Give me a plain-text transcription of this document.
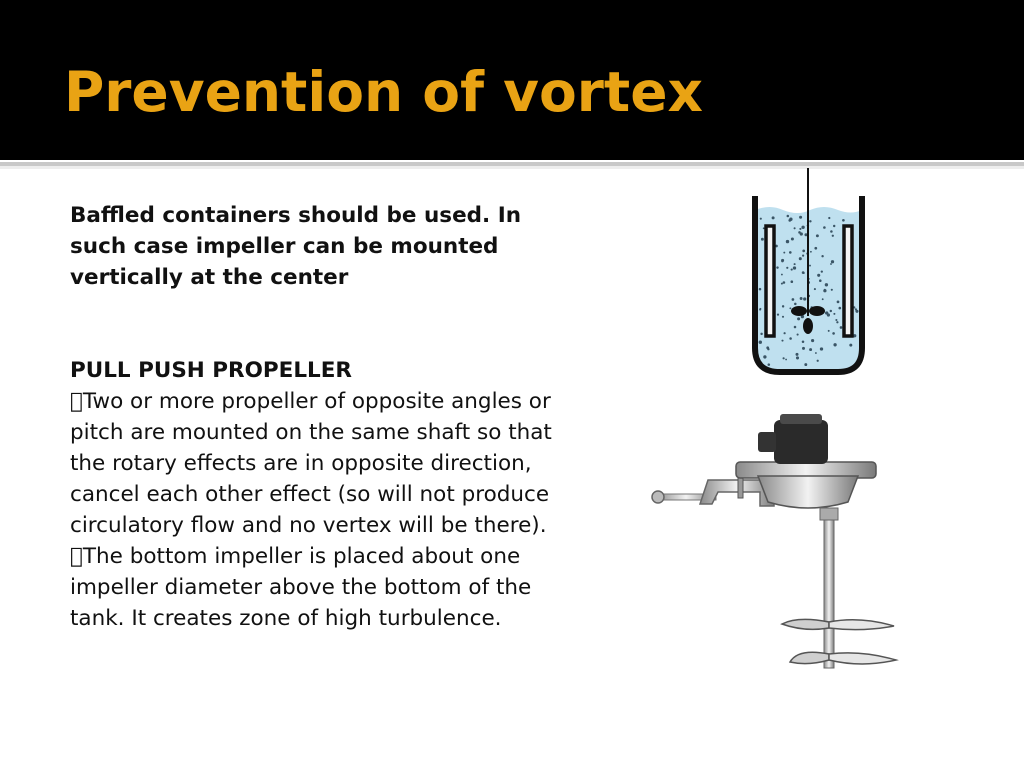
Prevention of vortex

Baffled containers should be used. In such case impeller can be mounted vertically at the center

PULL PUSH PROPELLER

Two or more propeller of opposite angles or pitch are mounted on the same shaft so that the rotary effects are in opposite direction, cancel each other effect (so will not produce circulatory flow and no vertex will be there).

The bottom impeller is placed about one impeller diameter above the bottom of the tank. It creates zone of high turbulence.
